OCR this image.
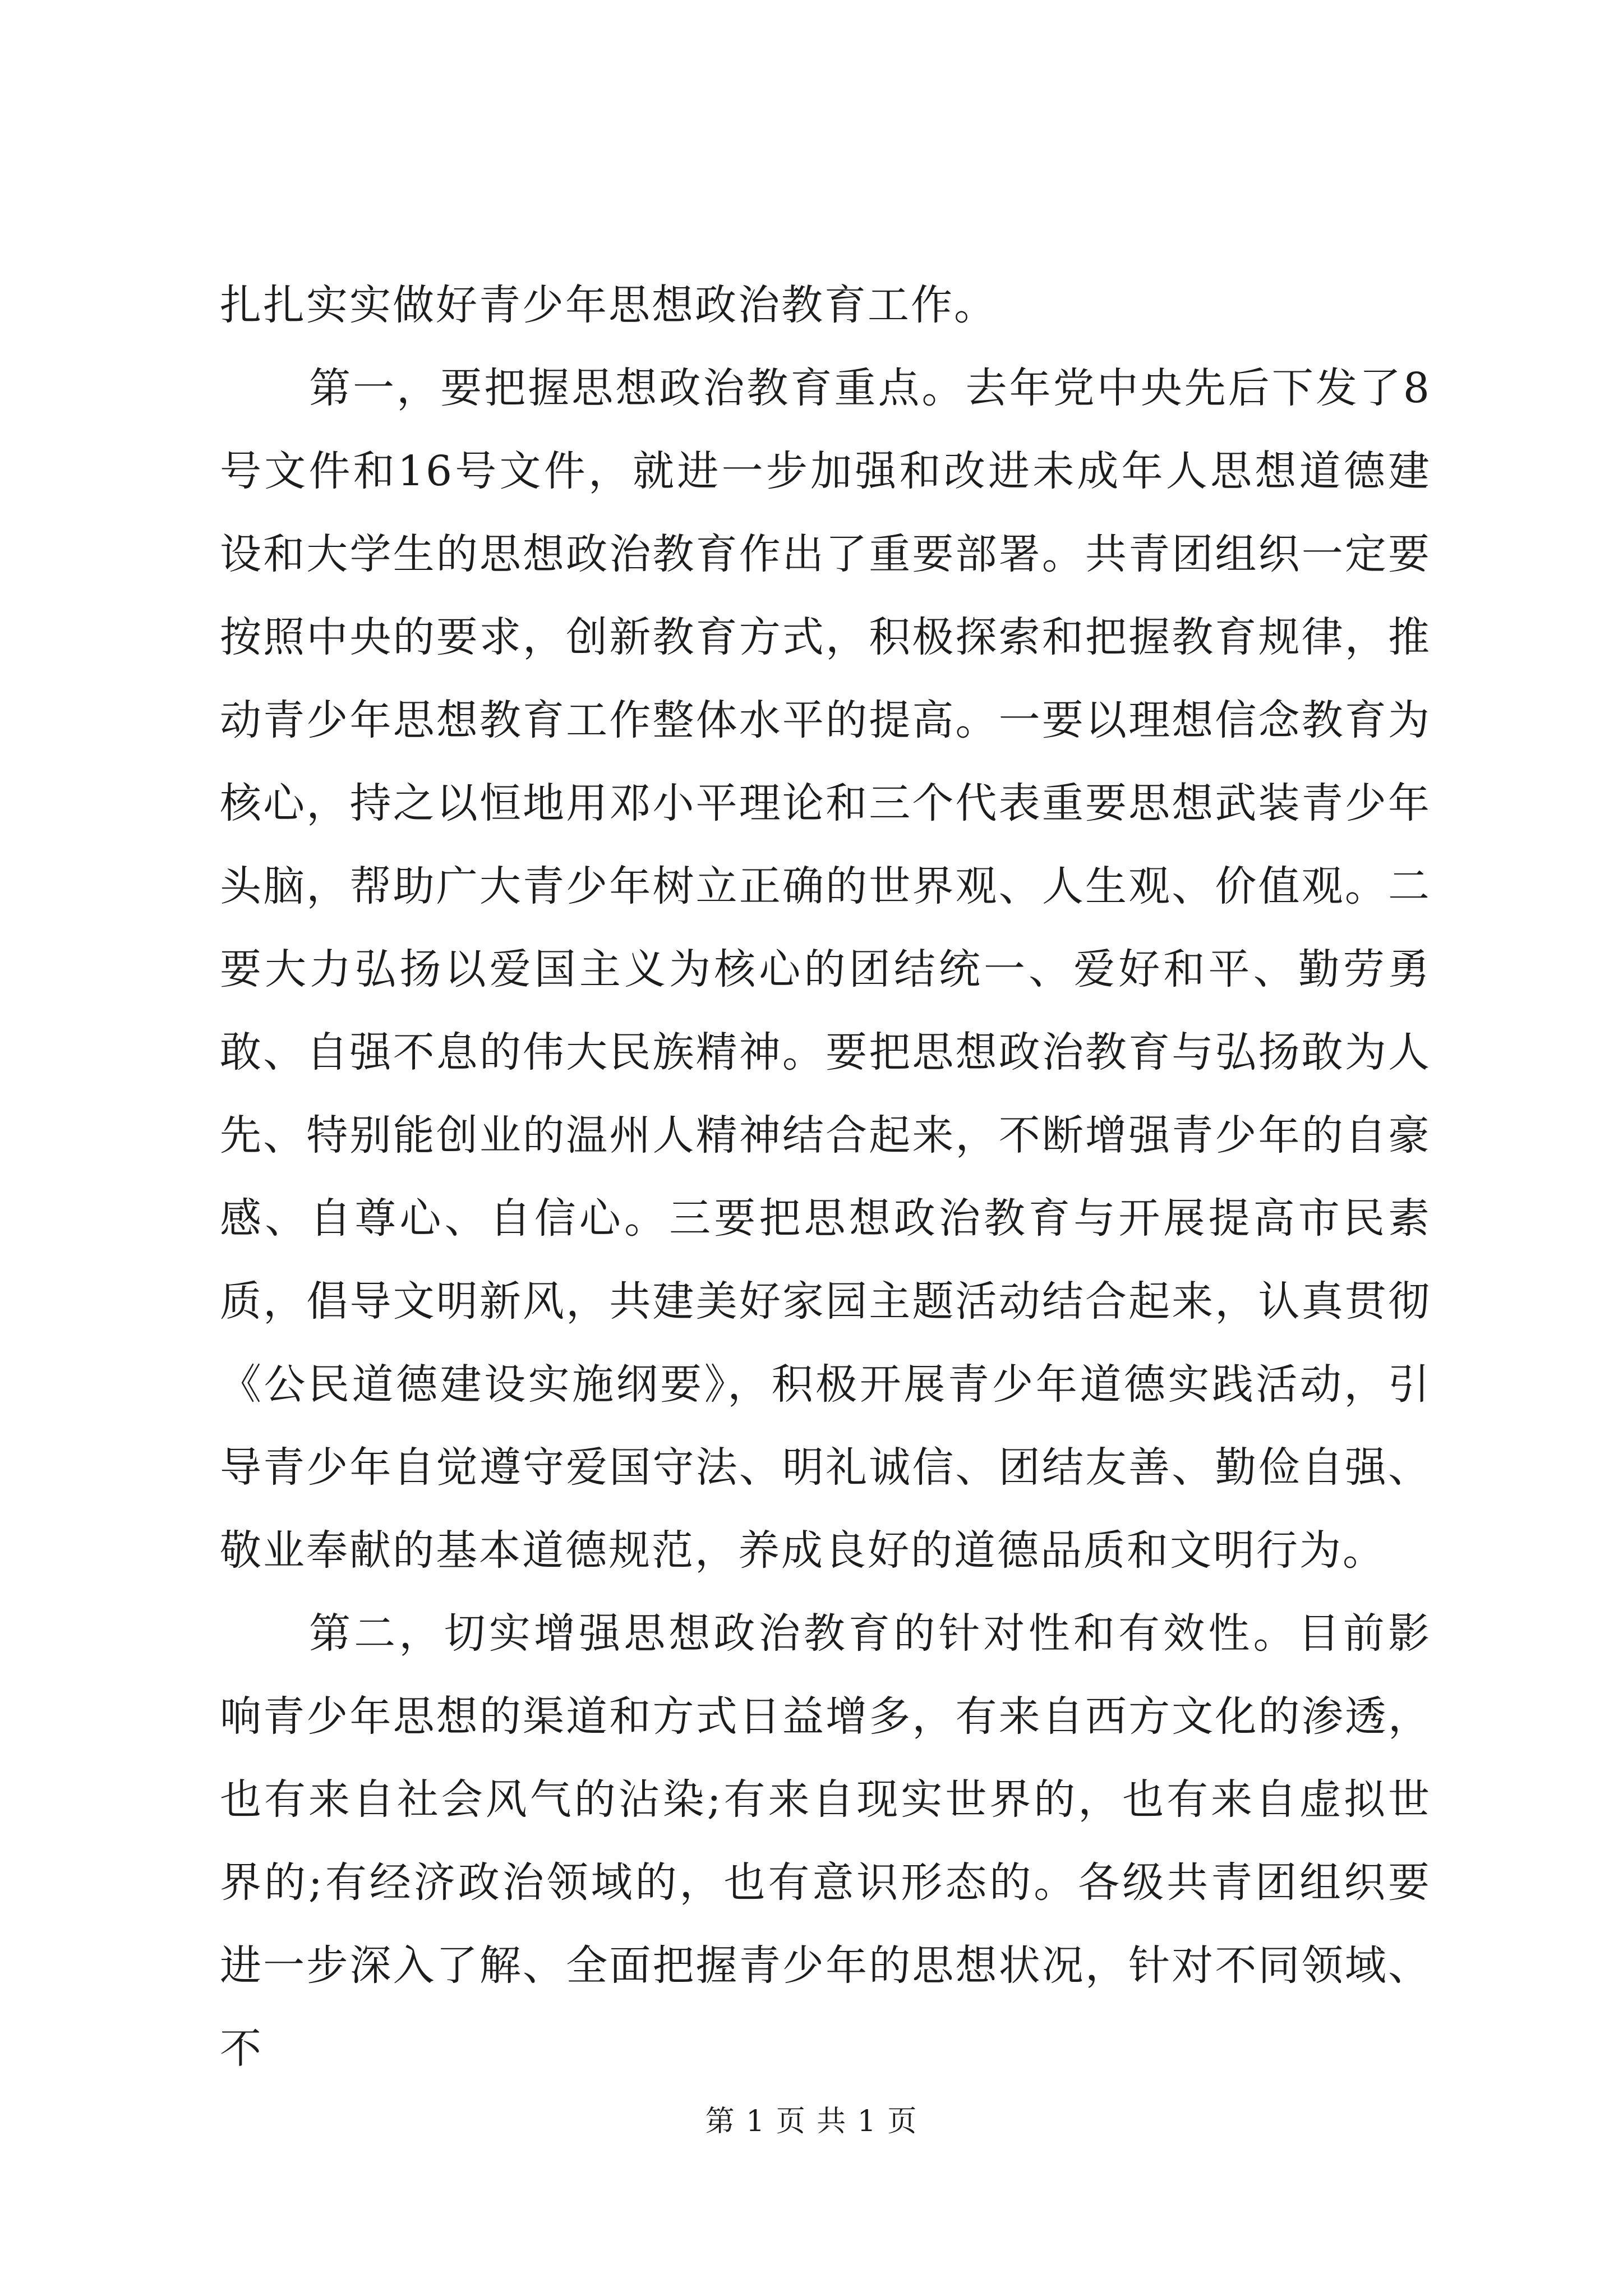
扎扎实实做好青少年思想政治教育工作。

第一，要把握思想政治教育重点。去年党中央先后下发了8号文件和16号文件，就进一步加强和改进未成年人思想道德建设和大学生的思想政治教育作出了重要部署。共青团组织一定要按照中央的要求，创新教育方式，积极探索和把握教育规律，推动青少年思想教育工作整体水平的提高。一要以理想信念教育为核心，持之以恒地用邓小平理论和三个代表重要思想武装青少年头脑，帮助广大青少年树立正确的世界观、人生观、价值观。二要大力弘扬以爱国主义为核心的团结统一、爱好和平、勤劳勇敢、自强不息的伟大民族精神。要把思想政治教育与弘扬敢为人先、特别能创业的温州人精神结合起来，不断增强青少年的自豪感、自尊心、自信心。三要把思想政治教育与开展提高市民素质，倡导文明新风，共建美好家园主题活动结合起来，认真贯彻《公民道德建设实施纲要》，积极开展青少年道德实践活动，引导青少年自觉遵守爱国守法、明礼诚信、团结友善、勤俭自强、敬业奉献的基本道德规范，养成良好的道德品质和文明行为。

第二，切实增强思想政治教育的针对性和有效性。目前影响青少年思想的渠道和方式日益增多，有来自西方文化的渗透，也有来自社会风气的沾染;有来自现实世界的，也有来自虚拟世界的;有经济政治领域的，也有意识形态的。各级共青团组织要进一步深入了解、全面把握青少年的思想状况，针对不同领域、不

第 1 页 共 1 页
